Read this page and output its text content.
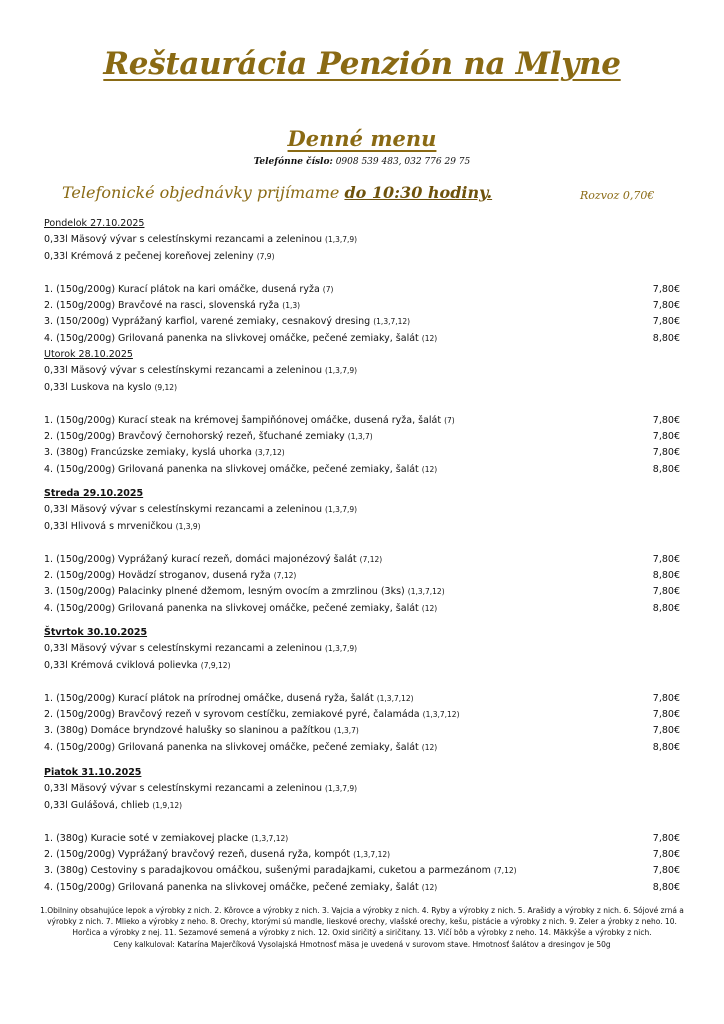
Reštaurácia Penzión na Mlyne
Denné menu
Telefónne číslo: 0908 539 483, 032 776 29 75
Telefonické objednávky prijímame do 10:30 hodiny.	Rozvoz 0,70€
Pondelok 27.10.2025
0,33l Mäsový vývar s celestínskymi rezancami a zeleninou (1,3,7,9)
0,33l Krémová z pečenej koreňovej zeleniny (7,9)
1. (150g/200g) Kurací plátok na kari omáčke, dusená ryža (7)	7,80€
2. (150g/200g) Bravčové na rasci, slovenská ryža (1,3)	7,80€
3. (150/200g) Vyprážaný karfiol, varené zemiaky, cesnakový dresing (1,3,7,12)	7,80€
4. (150g/200g) Grilovaná panenka na slivkovej omáčke, pečené zemiaky, šalát (12)	8,80€
Utorok 28.10.2025
0,33l Mäsový vývar s celestínskymi rezancami a zeleninou (1,3,7,9)
0,33l Luskova na kyslo (9,12)
1. (150g/200g) Kurací steak na krémovej šampiňónovej omáčke, dusená ryža, šalát (7)	7,80€
2. (150g/200g) Bravčový černohorský rezeň, šťuchané zemiaky (1,3,7)	7,80€
3. (380g) Francúzske zemiaky, kyslá uhorka (3,7,12)	7,80€
4. (150g/200g) Grilovaná panenka na slivkovej omáčke, pečené zemiaky, šalát (12)	8,80€
Streda 29.10.2025
0,33l Mäsový vývar s celestínskymi rezancami a zeleninou (1,3,7,9)
0,33l Hlivová s mrveničkou (1,3,9)
1. (150g/200g) Vyprážaný kurací rezeň, domáci majonézový šalát (7,12)	7,80€
2. (150g/200g) Hovädzí stroganov, dusená ryža (7,12)	8,80€
3. (150g/200g) Palacinky plnené džemom, lesným ovocím a zmrzlinou (3ks) (1,3,7,12)	7,80€
4. (150g/200g) Grilovaná panenka na slivkovej omáčke, pečené zemiaky, šalát (12)	8,80€
Štvrtok 30.10.2025
0,33l Mäsový vývar s celestínskymi rezancami a zeleninou (1,3,7,9)
0,33l Krémová cviklová polievka (7,9,12)
1. (150g/200g) Kurací plátok na prírodnej omáčke, dusená ryža, šalát (1,3,7,12)	7,80€
2. (150g/200g) Bravčový rezeň v syrovom cestíčku, zemiakové pyré, čalamáda (1,3,7,12)	7,80€
3. (380g) Domáce bryndzové halušky so slaninou a pažítkou (1,3,7)	7,80€
4. (150g/200g) Grilovaná panenka na slivkovej omáčke, pečené zemiaky, šalát (12)	8,80€
Piatok 31.10.2025
0,33l Mäsový vývar s celestínskymi rezancami a zeleninou (1,3,7,9)
0,33l Gulášová, chlieb (1,9,12)
1. (380g) Kuracie soté v zemiakovej placke (1,3,7,12)	7,80€
2. (150g/200g) Vyprážaný bravčový rezeň, dusená ryža, kompót (1,3,7,12)	7,80€
3. (380g) Cestoviny s paradajkovou omáčkou, sušenými paradajkami, cuketou a parmezánom (7,12)	7,80€
4. (150g/200g) Grilovaná panenka na slivkovej omáčke, pečené zemiaky, šalát (12)	8,80€
1.Obilniny obsahujúce lepok a výrobky z nich. 2. Kôrovce a výrobky z nich. 3. Vajcia a výrobky z nich. 4. Ryby a výrobky z nich. 5. Arašidy a výrobky z nich. 6. Sójové zrná a výrobky z nich. 7. Mlieko a výrobky z neho. 8. Orechy, ktorými sú mandle, lieskové orechy, vlašské orechy, kešu, pistácie a výrobky z nich. 9. Zeler a ýrobky z neho. 10. Horčica a výrobky z nej. 11. Sezamové semená a výrobky z nich. 12. Oxid siričitý a siričitany. 13. Vlčí bôb a výrobky z neho. 14. Mäkkýše a výrobky z nich.
Ceny kalkuloval: Katarína Majerčíková Vysolajská Hmotnosť mäsa je uvedená v surovom stave. Hmotnosť šalátov a dresingov je 50g
